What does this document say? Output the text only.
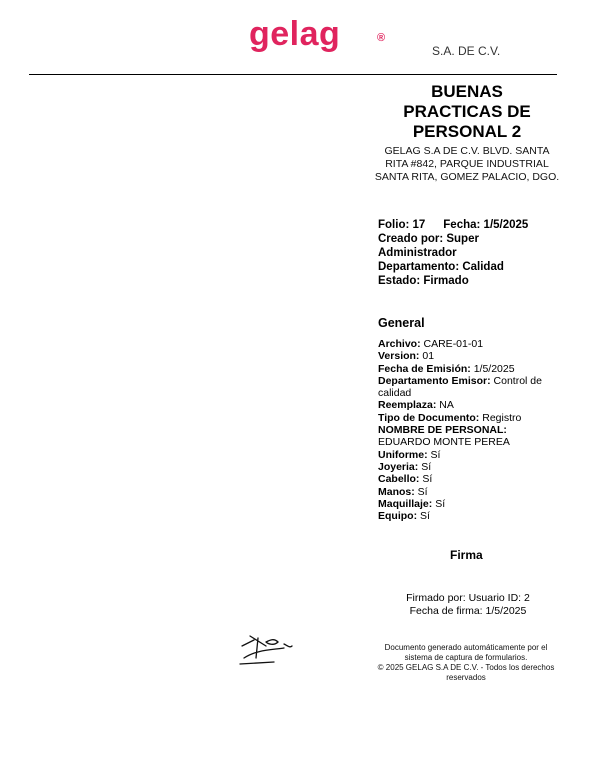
gelag	®
S.A. DE C.V.
BUENAS
PRACTICAS DE
PERSONAL 2
GELAG S.A DE C.V. BLVD. SANTA RITA #842, PARQUE INDUSTRIAL SANTA RITA, GOMEZ PALACIO, DGO.
Folio: 17 Fecha: 1/5/2025
Creado por: Super Administrador
Departamento: Calidad
Estado: Firmado
General
Archivo: CARE-01-01
Version: 01
Fecha de Emisión: 1/5/2025
Departamento Emisor: Control de calidad
Reemplaza: NA
Tipo de Documento: Registro
NOMBRE DE PERSONAL:
EDUARDO MONTE PEREA
Uniforme: Sí
Joyeria: Sí
Cabello: Sí
Manos: Sí
Maquillaje: Sí
Equipo: Sí
Firma
Firmado por: Usuario ID: 2
Fecha de firma: 1/5/2025
Documento generado automáticamente por el sistema de captura de formularios.
© 2025 GELAG S.A DE C.V. - Todos los derechos reservados
